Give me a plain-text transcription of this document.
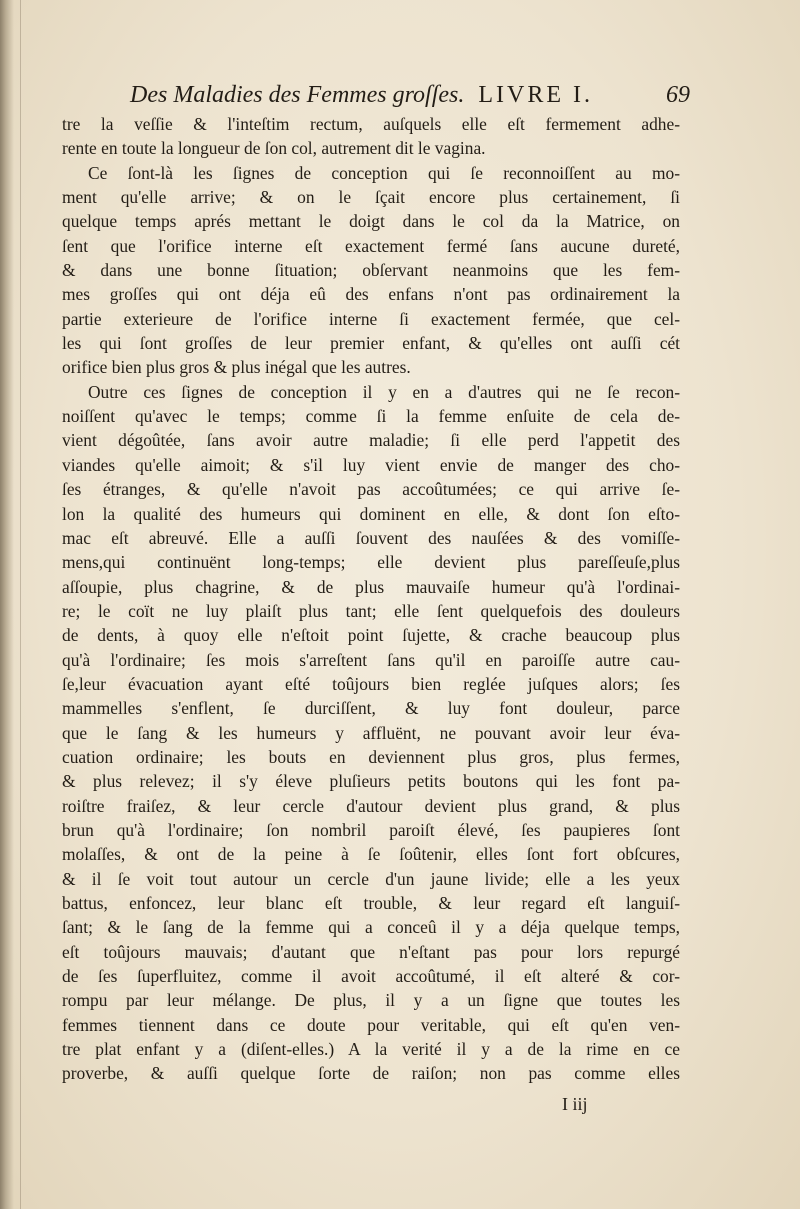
Des Maladies des Femmes groſſes. LIVRE I.	69
tre la veſſie & l'inteſtim rectum, auſquels elle eſt fermement adhe-
rente en toute la longueur de ſon col, autrement dit le vagina.
Ce ſont-là les ſignes de conception qui ſe reconnoiſſent au mo-
ment qu'elle arrive; & on le ſçait encore plus certainement, ſi
quelque temps aprés mettant le doigt dans le col da la Matrice, on
ſent que l'orifice interne eſt exactement fermé ſans aucune dureté,
& dans une bonne ſituation; obſervant neanmoins que les fem-
mes groſſes qui ont déja eû des enfans n'ont pas ordinairement la
partie exterieure de l'orifice interne ſi exactement fermée, que cel-
les qui ſont groſſes de leur premier enfant, & qu'elles ont auſſi cét
orifice bien plus gros & plus inégal que les autres.
Outre ces ſignes de conception il y en a d'autres qui ne ſe recon-
noiſſent qu'avec le temps; comme ſi la femme enſuite de cela de-
vient dégoûtée, ſans avoir autre maladie; ſi elle perd l'appetit des
viandes qu'elle aimoit; & s'il luy vient envie de manger des cho-
ſes étranges, & qu'elle n'avoit pas accoûtumées; ce qui arrive ſe-
lon la qualité des humeurs qui dominent en elle, & dont ſon eſto-
mac eſt abreuvé. Elle a auſſi ſouvent des nauſées & des vomiſſe-
mens,qui continuënt long-temps; elle devient plus pareſſeuſe,plus
aſſoupie, plus chagrine, & de plus mauvaiſe humeur qu'à l'ordinai-
re; le coït ne luy plaiſt plus tant; elle ſent quelquefois des douleurs
de dents, à quoy elle n'eſtoit point ſujette, & crache beaucoup plus
qu'à l'ordinaire; ſes mois s'arreſtent ſans qu'il en paroiſſe autre cau-
ſe,leur évacuation ayant eſté toûjours bien reglée juſques alors; ſes
mammelles s'enflent, ſe durciſſent, & luy font douleur, parce
que le ſang & les humeurs y affluënt, ne pouvant avoir leur éva-
cuation ordinaire; les bouts en deviennent plus gros, plus fermes,
& plus relevez; il s'y éleve pluſieurs petits boutons qui les font pa-
roiſtre fraiſez, & leur cercle d'autour devient plus grand, & plus
brun qu'à l'ordinaire; ſon nombril paroiſt élevé, ſes paupieres ſont
molaſſes, & ont de la peine à ſe ſoûtenir, elles ſont fort obſcures,
& il ſe voit tout autour un cercle d'un jaune livide; elle a les yeux
battus, enfoncez, leur blanc eſt trouble, & leur regard eſt languiſ-
ſant; & le ſang de la femme qui a conceû il y a déja quelque temps,
eſt toûjours mauvais; d'autant que n'eſtant pas pour lors repurgé
de ſes ſuperfluitez, comme il avoit accoûtumé, il eſt alteré & cor-
rompu par leur mélange. De plus, il y a un ſigne que toutes les
femmes tiennent dans ce doute pour veritable, qui eſt qu'en ven-
tre plat enfant y a (diſent-elles.) A la verité il y a de la rime en ce
proverbe, & auſſi quelque ſorte de raiſon; non pas comme elles
I iij
